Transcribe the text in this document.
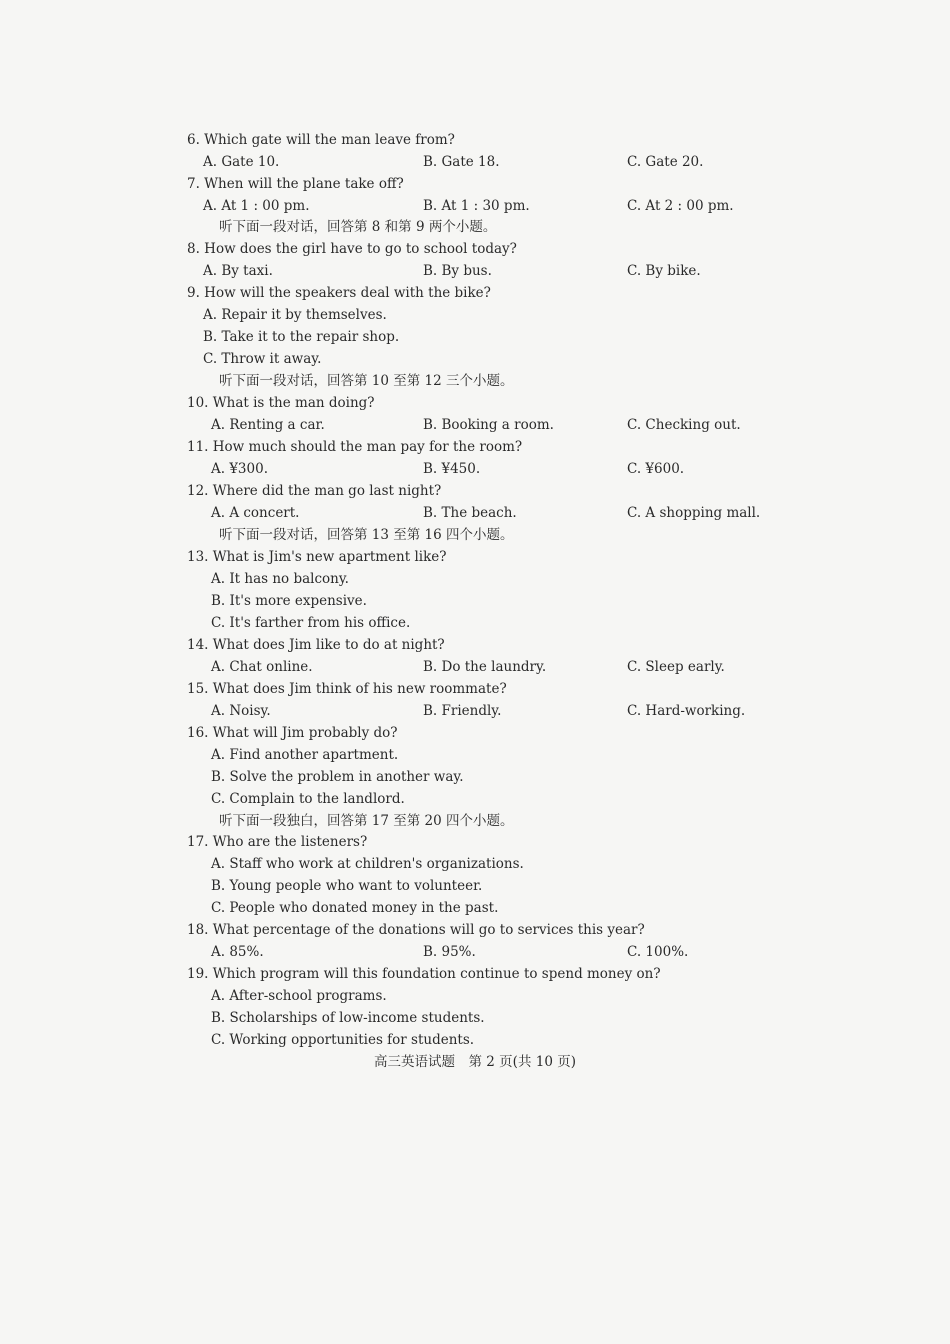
6. Which gate will the man leave from?
A. Gate 10.	B. Gate 18.	C. Gate 20.
7. When will the plane take off?
A. At 1 : 00 pm.	B. At 1 : 30 pm.	C. At 2 : 00 pm.
听下面一段对话，回答第 8 和第 9 两个小题。
8. How does the girl have to go to school today?
A. By taxi.	B. By bus.	C. By bike.
9. How will the speakers deal with the bike?
A. Repair it by themselves.
B. Take it to the repair shop.
C. Throw it away.
听下面一段对话，回答第 10 至第 12 三个小题。
10. What is the man doing?
A. Renting a car.	B. Booking a room.	C. Checking out.
11. How much should the man pay for the room?
A. ¥300.	B. ¥450.	C. ¥600.
12. Where did the man go last night?
A. A concert.	B. The beach.	C. A shopping mall.
听下面一段对话，回答第 13 至第 16 四个小题。
13. What is Jim's new apartment like?
A. It has no balcony.
B. It's more expensive.
C. It's farther from his office.
14. What does Jim like to do at night?
A. Chat online.	B. Do the laundry.	C. Sleep early.
15. What does Jim think of his new roommate?
A. Noisy.	B. Friendly.	C. Hard-working.
16. What will Jim probably do?
A. Find another apartment.
B. Solve the problem in another way.
C. Complain to the landlord.
听下面一段独白，回答第 17 至第 20 四个小题。
17. Who are the listeners?
A. Staff who work at children's organizations.
B. Young people who want to volunteer.
C. People who donated money in the past.
18. What percentage of the donations will go to services this year?
A. 85%.	B. 95%.	C. 100%.
19. Which program will this foundation continue to spend money on?
A. After-school programs.
B. Scholarships of low-income students.
C. Working opportunities for students.
高三英语试题　第 2 页(共 10 页)
